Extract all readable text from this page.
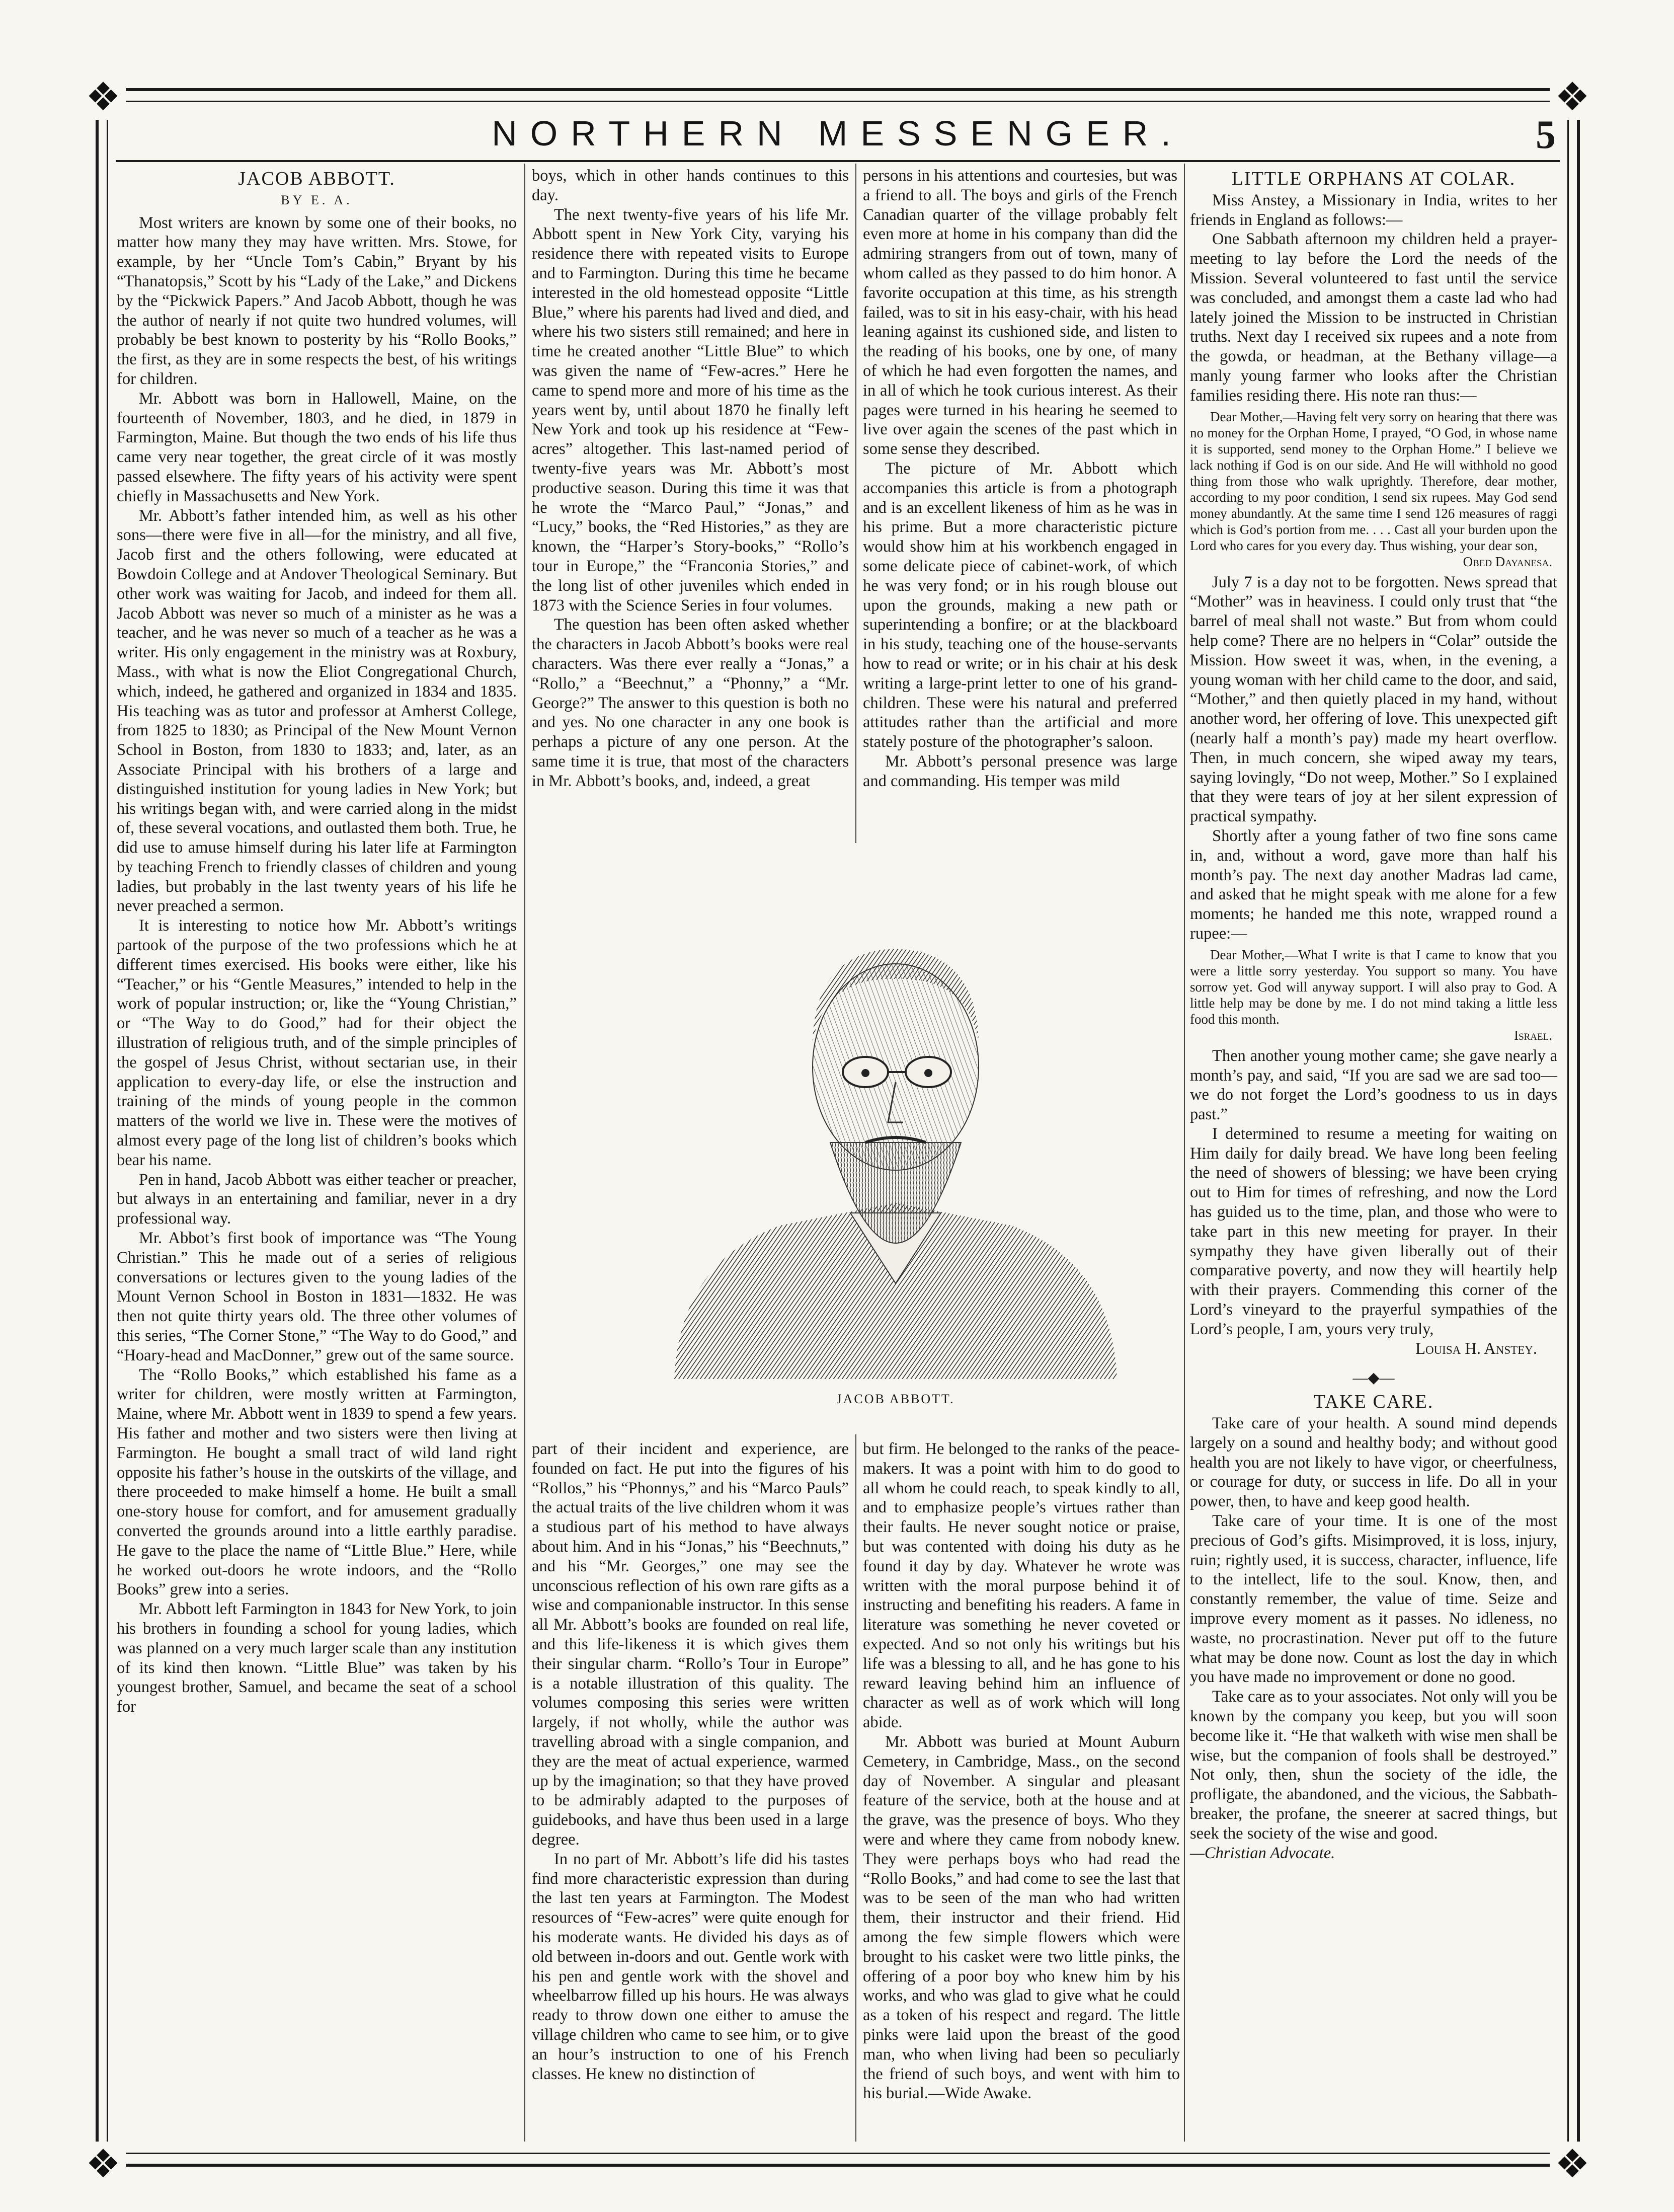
❖	❖
❖	❖
NORTHERN MESSENGER.	5
JACOB ABBOTT.
BY E. A.

Most writers are known by some one of their books, no matter how many they may have written. Mrs. Stowe, for example, by her “Uncle Tom’s Cabin,” Bryant by his “Thanatopsis,” Scott by his “Lady of the Lake,” and Dickens by the “Pickwick Papers.” And Jacob Abbott, though he was the author of nearly if not quite two hundred volumes, will probably be best known to posterity by his “Rollo Books,” the first, as they are in some respects the best, of his writings for children.

Mr. Abbott was born in Hallowell, Maine, on the fourteenth of November, 1803, and he died, in 1879 in Farmington, Maine. But though the two ends of his life thus came very near together, the great circle of it was mostly passed elsewhere. The fifty years of his activity were spent chiefly in Massachusetts and New York.

Mr. Abbott’s father intended him, as well as his other sons—there were five in all—for the ministry, and all five, Jacob first and the others following, were educated at Bowdoin College and at Andover Theological Seminary. But other work was waiting for Jacob, and indeed for them all. Jacob Abbott was never so much of a minister as he was a teacher, and he was never so much of a teacher as he was a writer. His only engagement in the ministry was at Roxbury, Mass., with what is now the Eliot Congregational Church, which, indeed, he gathered and organized in 1834 and 1835. His teaching was as tutor and professor at Amherst College, from 1825 to 1830; as Principal of the New Mount Vernon School in Boston, from 1830 to 1833; and, later, as an Associate Principal with his brothers of a large and distinguished institution for young ladies in New York; but his writings began with, and were carried along in the midst of, these several vocations, and outlasted them both. True, he did use to amuse himself during his later life at Farmington by teaching French to friendly classes of children and young ladies, but probably in the last twenty years of his life he never preached a sermon.

It is interesting to notice how Mr. Abbott’s writings partook of the purpose of the two professions which he at different times exercised. His books were either, like his “Teacher,” or his “Gentle Measures,” intended to help in the work of popular instruction; or, like the “Young Christian,” or “The Way to do Good,” had for their object the illustration of religious truth, and of the simple principles of the gospel of Jesus Christ, without sectarian use, in their application to every-day life, or else the instruction and training of the minds of young people in the common matters of the world we live in. These were the motives of almost every page of the long list of children’s books which bear his name.

Pen in hand, Jacob Abbott was either teacher or preacher, but always in an entertaining and familiar, never in a dry professional way.

Mr. Abbot’s first book of importance was “The Young Christian.” This he made out of a series of religious conversations or lectures given to the young ladies of the Mount Vernon School in Boston in 1831—1832. He was then not quite thirty years old. The three other volumes of this series, “The Corner Stone,” “The Way to do Good,” and “Hoary-head and MacDonner,” grew out of the same source.

The “Rollo Books,” which established his fame as a writer for children, were mostly written at Farmington, Maine, where Mr. Abbott went in 1839 to spend a few years. His father and mother and two sisters were then living at Farmington. He bought a small tract of wild land right opposite his father’s house in the outskirts of the village, and there proceeded to make himself a home. He built a small one-story house for comfort, and for amusement gradually converted the grounds around into a little earthly paradise. He gave to the place the name of “Little Blue.” Here, while he worked out-doors he wrote indoors, and the “Rollo Books” grew into a series.

Mr. Abbott left Farmington in 1843 for New York, to join his brothers in founding a school for young ladies, which was planned on a very much larger scale than any institution of its kind then known. “Little Blue” was taken by his youngest brother, Samuel, and became the seat of a school for

boys, which in other hands continues to this day.

The next twenty-five years of his life Mr. Abbott spent in New York City, varying his residence there with repeated visits to Europe and to Farmington. During this time he became interested in the old homestead opposite “Little Blue,” where his parents had lived and died, and where his two sisters still remained; and here in time he created another “Little Blue” to which was given the name of “Few-acres.” Here he came to spend more and more of his time as the years went by, until about 1870 he finally left New York and took up his residence at “Few-acres” altogether. This last-named period of twenty-five years was Mr. Abbott’s most productive season. During this time it was that he wrote the “Marco Paul,” “Jonas,” and “Lucy,” books, the “Red Histories,” as they are known, the “Harper’s Story-books,” “Rollo’s tour in Europe,” the “Franconia Stories,” and the long list of other juveniles which ended in 1873 with the Science Series in four volumes.

The question has been often asked whether the characters in Jacob Abbott’s books were real characters. Was there ever really a “Jonas,” a “Rollo,” a “Beechnut,” a “Phonny,” a “Mr. George?” The answer to this question is both no and yes. No one character in any one book is perhaps a picture of any one person. At the same time it is true, that most of the characters in Mr. Abbott’s books, and, indeed, a great

persons in his attentions and courtesies, but was a friend to all. The boys and girls of the French Canadian quarter of the village probably felt even more at home in his company than did the admiring strangers from out of town, many of whom called as they passed to do him honor. A favorite occupation at this time, as his strength failed, was to sit in his easy-chair, with his head leaning against its cushioned side, and listen to the reading of his books, one by one, of many of which he had even forgotten the names, and in all of which he took curious interest. As their pages were turned in his hearing he seemed to live over again the scenes of the past which in some sense they described.

The picture of Mr. Abbott which accompanies this article is from a photograph and is an excellent likeness of him as he was in his prime. But a more characteristic picture would show him at his workbench engaged in some delicate piece of cabinet-work, of which he was very fond; or in his rough blouse out upon the grounds, making a new path or superintending a bonfire; or at the blackboard in his study, teaching one of the house-servants how to read or write; or in his chair at his desk writing a large-print letter to one of his grand-children. These were his natural and preferred attitudes rather than the artificial and more stately posture of the photographer’s saloon.

Mr. Abbott’s personal presence was large and commanding. His temper was mild

JACOB ABBOTT.

part of their incident and experience, are founded on fact. He put into the figures of his “Rollos,” his “Phonnys,” and his “Marco Pauls” the actual traits of the live children whom it was a studious part of his method to have always about him. And in his “Jonas,” his “Beechnuts,” and his “Mr. Georges,” one may see the unconscious reflection of his own rare gifts as a wise and companionable instructor. In this sense all Mr. Abbott’s books are founded on real life, and this life-likeness it is which gives them their singular charm. “Rollo’s Tour in Europe” is a notable illustration of this quality. The volumes composing this series were written largely, if not wholly, while the author was travelling abroad with a single companion, and they are the meat of actual experience, warmed up by the imagination; so that they have proved to be admirably adapted to the purposes of guidebooks, and have thus been used in a large degree.

In no part of Mr. Abbott’s life did his tastes find more characteristic expression than during the last ten years at Farmington. The Modest resources of “Few-acres” were quite enough for his moderate wants. He divided his days as of old between in-doors and out. Gentle work with his pen and gentle work with the shovel and wheelbarrow filled up his hours. He was always ready to throw down one either to amuse the village children who came to see him, or to give an hour’s instruction to one of his French classes. He knew no distinction of

but firm. He belonged to the ranks of the peace-makers. It was a point with him to do good to all whom he could reach, to speak kindly to all, and to emphasize people’s virtues rather than their faults. He never sought notice or praise, but was contented with doing his duty as he found it day by day. Whatever he wrote was written with the moral purpose behind it of instructing and benefiting his readers. A fame in literature was something he never coveted or expected. And so not only his writings but his life was a blessing to all, and he has gone to his reward leaving behind him an influence of character as well as of work which will long abide.

Mr. Abbott was buried at Mount Auburn Cemetery, in Cambridge, Mass., on the second day of November. A singular and pleasant feature of the service, both at the house and at the grave, was the presence of boys. Who they were and where they came from nobody knew. They were perhaps boys who had read the “Rollo Books,” and had come to see the last that was to be seen of the man who had written them, their instructor and their friend. Hid among the few simple flowers which were brought to his casket were two little pinks, the offering of a poor boy who knew him by his works, and who was glad to give what he could as a token of his respect and regard. The little pinks were laid upon the breast of the good man, who when living had been so peculiarly the friend of such boys, and went with him to his burial.—Wide Awake.

LITTLE ORPHANS AT COLAR.

Miss Anstey, a Missionary in India, writes to her friends in England as follows:—

One Sabbath afternoon my children held a prayer-meeting to lay before the Lord the needs of the Mission. Several volunteered to fast until the service was concluded, and amongst them a caste lad who had lately joined the Mission to be instructed in Christian truths. Next day I received six rupees and a note from the gowda, or headman, at the Bethany village—a manly young farmer who looks after the Christian families residing there. His note ran thus:—

Dear Mother,—Having felt very sorry on hearing that there was no money for the Orphan Home, I prayed, “O God, in whose name it is supported, send money to the Orphan Home.” I believe we lack nothing if God is on our side. And He will withhold no good thing from those who walk uprightly. Therefore, dear mother, according to my poor condition, I send six rupees. May God send money abundantly. At the same time I send 126 measures of raggi which is God’s portion from me. . . . Cast all your burden upon the Lord who cares for you every day. Thus wishing, your dear son,
Obed Dayanesa.

July 7 is a day not to be forgotten. News spread that “Mother” was in heaviness. I could only trust that “the barrel of meal shall not waste.” But from whom could help come? There are no helpers in “Colar” outside the Mission. How sweet it was, when, in the evening, a young woman with her child came to the door, and said, “Mother,” and then quietly placed in my hand, without another word, her offering of love. This unexpected gift (nearly half a month’s pay) made my heart overflow. Then, in much concern, she wiped away my tears, saying lovingly, “Do not weep, Mother.” So I explained that they were tears of joy at her silent expression of practical sympathy.

Shortly after a young father of two fine sons came in, and, without a word, gave more than half his month’s pay. The next day another Madras lad came, and asked that he might speak with me alone for a few moments; he handed me this note, wrapped round a rupee:—

Dear Mother,—What I write is that I came to know that you were a little sorry yesterday. You support so many. You have sorrow yet. God will anyway support. I will also pray to God. A little help may be done by me. I do not mind taking a little less food this month.
Israel.

Then another young mother came; she gave nearly a month’s pay, and said, “If you are sad we are sad too—we do not forget the Lord’s goodness to us in days past.”

I determined to resume a meeting for waiting on Him daily for daily bread. We have long been feeling the need of showers of blessing; we have been crying out to Him for times of refreshing, and now the Lord has guided us to the time, plan, and those who were to take part in this new meeting for prayer. In their sympathy they have given liberally out of their comparative poverty, and now they will heartily help with their prayers. Commending this corner of the Lord’s vineyard to the prayerful sympathies of the Lord’s people, I am, yours very truly,

Louisa H. Anstey.
—◆—
TAKE CARE.

Take care of your health. A sound mind depends largely on a sound and healthy body; and without good health you are not likely to have vigor, or cheerfulness, or courage for duty, or success in life. Do all in your power, then, to have and keep good health.

Take care of your time. It is one of the most precious of God’s gifts. Misimproved, it is loss, injury, ruin; rightly used, it is success, character, influence, life to the intellect, life to the soul. Know, then, and constantly remember, the value of time. Seize and improve every moment as it passes. No idleness, no waste, no procrastination. Never put off to the future what may be done now. Count as lost the day in which you have made no improvement or done no good.

Take care as to your associates. Not only will you be known by the company you keep, but you will soon become like it. “He that walketh with wise men shall be wise, but the companion of fools shall be destroyed.” Not only, then, shun the society of the idle, the profligate, the abandoned, and the vicious, the Sabbath-breaker, the profane, the sneerer at sacred things, but seek the society of the wise and good.

—Christian Advocate.
